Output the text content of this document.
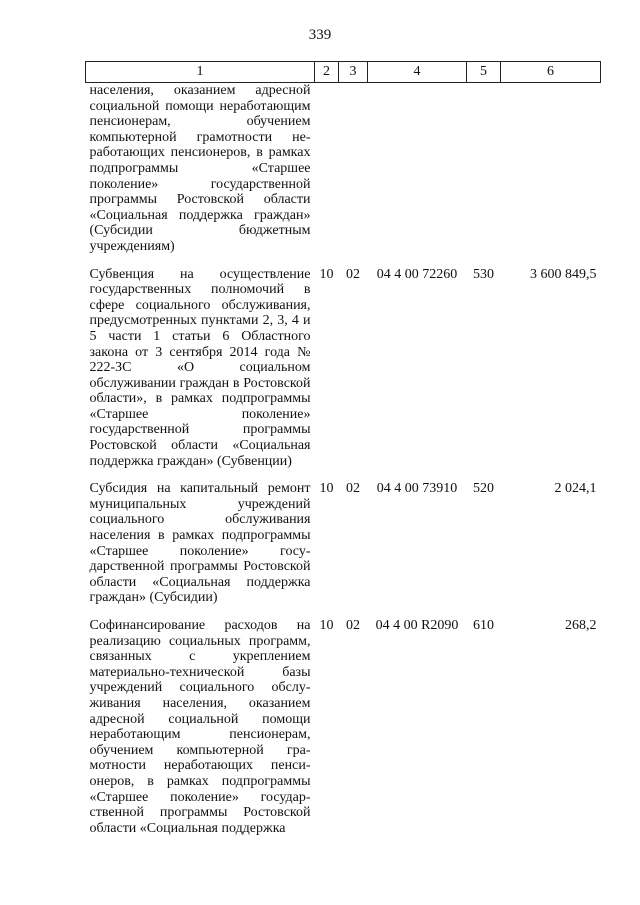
339
1	2	3	4	5	6
населения, оказанием адресной социальной помощи неработающим пенсионерам, обучением компьютерной грамотности неработающих пенсионеров, в рамках подпрограммы «Старшее поколение» государственной программы Ростовской области «Социальная поддержка граждан» (Субсидии бюджетным учреждениям)					
Субвенция на осуществление государственных полномочий в сфере социального обслуживания, предусмотренных пунктами 2, 3, 4 и 5 части 1 статьи 6 Областного закона от 3 сентября 2014 года № 222-ЗС «О социальном обслуживании граждан в Ростовской области», в рамках подпрограммы «Старшее поколение» государственной программы Ростовской области «Социальная поддержка граждан» (Субвенции)	10	02	04 4 00 72260	530	3 600 849,5
Субсидия на капитальный ремонт муниципальных учреждений социального обслуживания населения в рамках подпрограммы «Старшее поколение» государственной программы Ростовской области «Социальная поддержка граждан» (Субсидии)	10	02	04 4 00 73910	520	2 024,1
Софинансирование расходов на реализацию социальных программ, связанных с укреплением материально-технической базы учреждений социального обслуживания населения, оказанием адресной социальной помощи неработающим пенсионерам, обучением компьютерной грамотности неработающих пенсионеров, в рамках подпрограммы «Старшее поколение» государственной программы Ростовской области «Социальная поддержка	10	02	04 4 00 R2090	610	268,2
